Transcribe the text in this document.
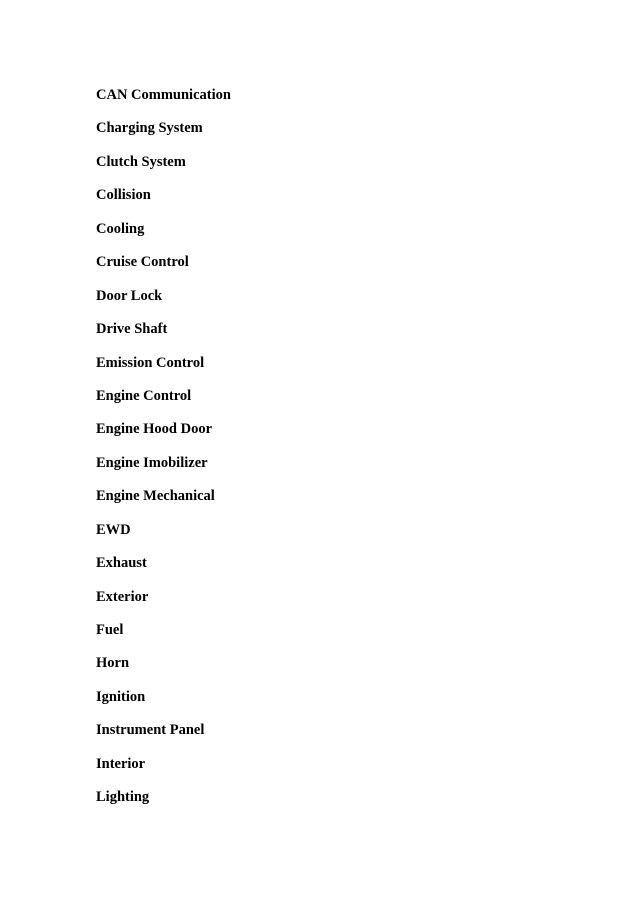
CAN Communication
Charging System
Clutch System
Collision
Cooling
Cruise Control
Door Lock
Drive Shaft
Emission Control
Engine Control
Engine Hood Door
Engine Imobilizer
Engine Mechanical
EWD
Exhaust
Exterior
Fuel
Horn
Ignition
Instrument Panel
Interior
Lighting
